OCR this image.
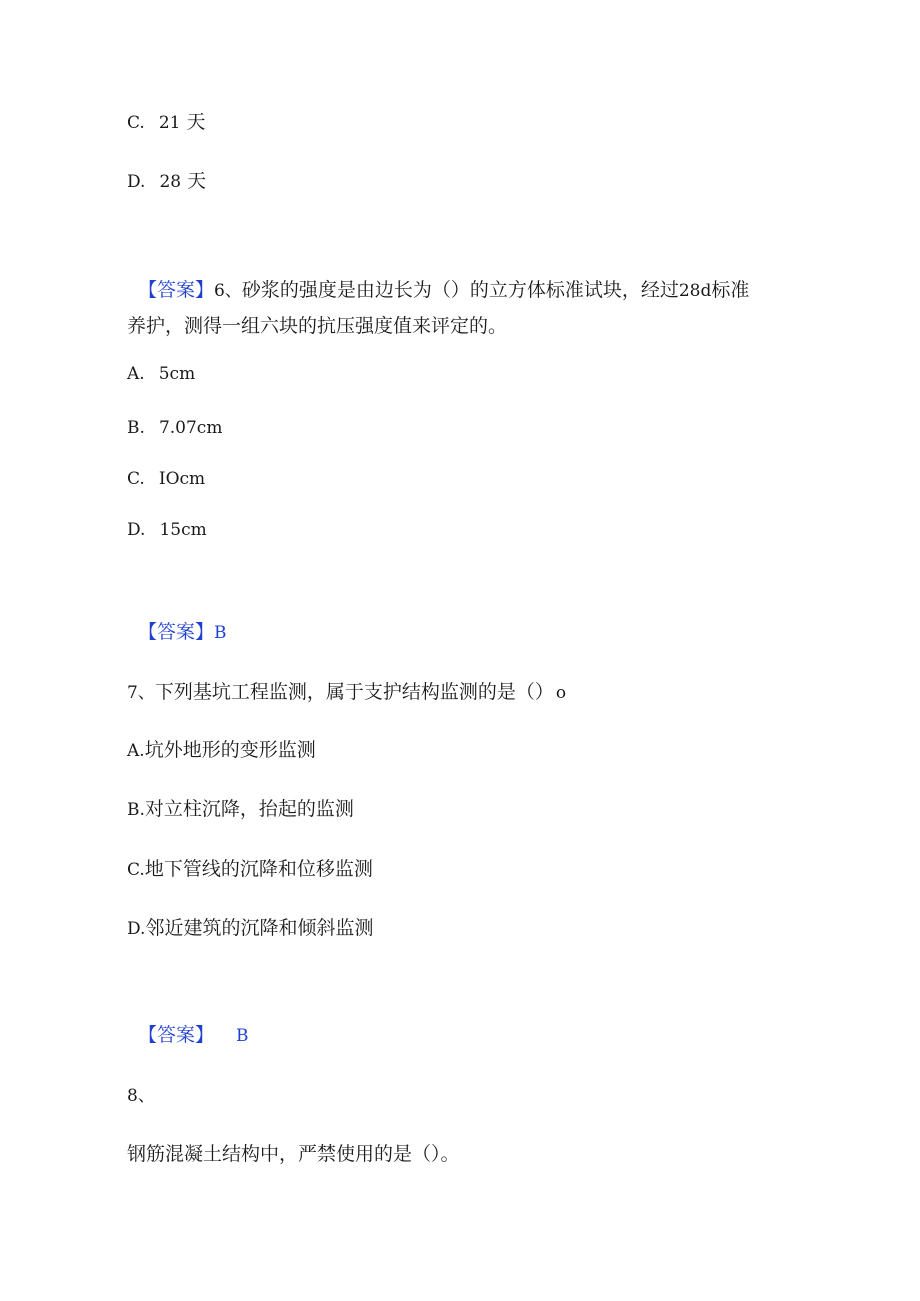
C. 21 天
D. 28 天
【答案】6、砂浆的强度是由边长为（）的立方体标准试块，经过28d标准
养护，测得一组六块的抗压强度值来评定的。
A. 5cm
B. 7.07cm
C. IOcm
D. 15cm
【答案】B
7、下列基坑工程监测，属于支护结构监测的是（） o
A.坑外地形的变形监测
B.对立柱沉降，抬起的监测
C.地下管线的沉降和位移监测
D.邻近建筑的沉降和倾斜监测
【答案】 B
8、
钢筋混凝土结构中，严禁使用的是（）。
